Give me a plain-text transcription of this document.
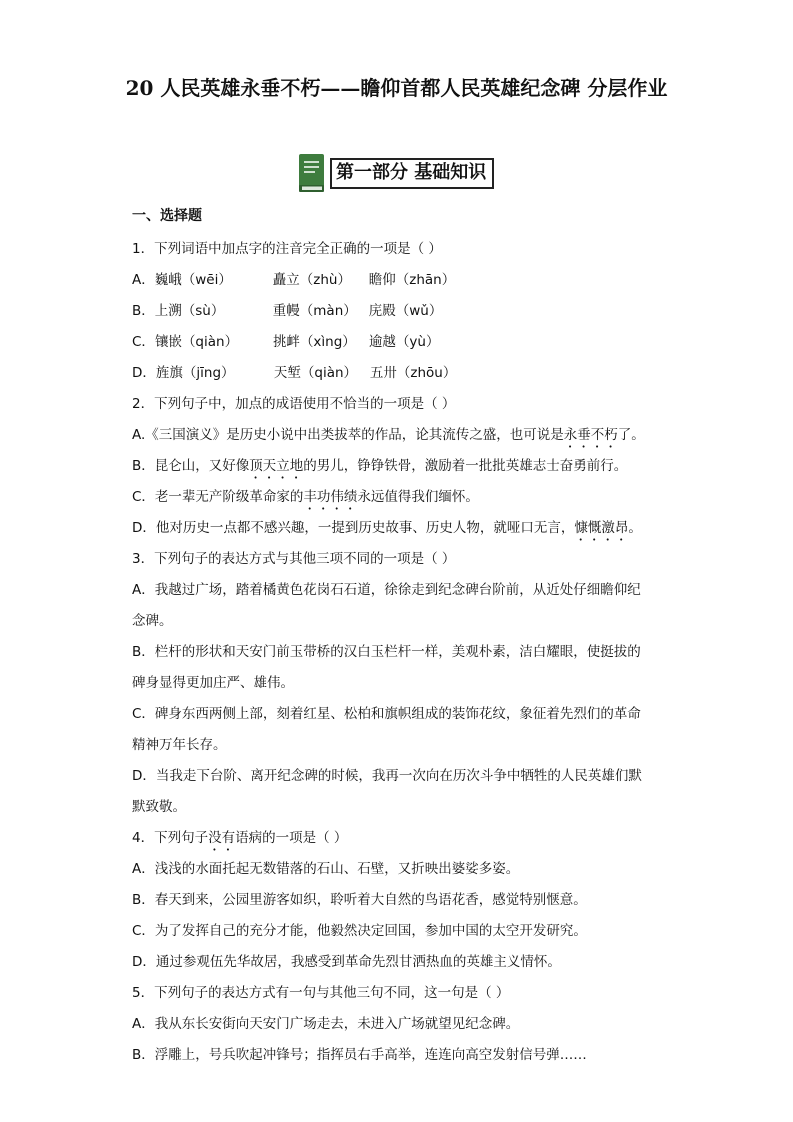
20 人民英雄永垂不朽——瞻仰首都人民英雄纪念碑 分层作业
第一部分 基础知识

一、选择题

1．下列词语中加点字的注音完全正确的一项是（ ）

A． 巍峨（wēi）	矗立（zhù）	瞻仰（zhān）

B． 上溯（sù）	重幔（màn） 庑殿（wǔ）

C． 镶嵌（qiàn）	挑衅（xìng） 逾越（yù）

D． 旌旗（jīng）	天堑（qiàn） 五卅（zhōu）

2．下列句子中，加点的成语使用不恰当的一项是（ ）

A.《三国演义》是历史小说中出类拔萃的作品，论其流传之盛，也可说是永垂不朽了。

B．昆仑山，又好像顶天立地的男儿，铮铮铁骨，激励着一批批英雄志士奋勇前行。

C．老一辈无产阶级革命家的丰功伟绩永远值得我们缅怀。

D．他对历史一点都不感兴趣，一提到历史故事、历史人物，就哑口无言，慷慨激昂。

3．下列句子的表达方式与其他三项不同的一项是（ ）

A．我越过广场，踏着橘黄色花岗石石道，徐徐走到纪念碑台阶前，从近处仔细瞻仰纪

念碑。

B．栏杆的形状和天安门前玉带桥的汉白玉栏杆一样，美观朴素，洁白耀眼，使挺拔的

碑身显得更加庄严、雄伟。

C．碑身东西两侧上部，刻着红星、松柏和旗帜组成的装饰花纹，象征着先烈们的革命

精神万年长存。

D．当我走下台阶、离开纪念碑的时候，我再一次向在历次斗争中牺牲的人民英雄们默

默致敬。

4．下列句子没有语病的一项是（ ）

A．浅浅的水面托起无数错落的石山、石壁，又折映出婆娑多姿。

B．春天到来，公园里游客如织，聆听着大自然的鸟语花香，感觉特别惬意。

C．为了发挥自己的充分才能，他毅然决定回国，参加中国的太空开发研究。

D．通过参观伍先华故居，我感受到革命先烈甘洒热血的英雄主义情怀。

5．下列句子的表达方式有一句与其他三句不同，这一句是（ ）

A．我从东长安街向天安门广场走去，未进入广场就望见纪念碑。

B．浮雕上，号兵吹起冲锋号；指挥员右手高举，连连向高空发射信号弹……
